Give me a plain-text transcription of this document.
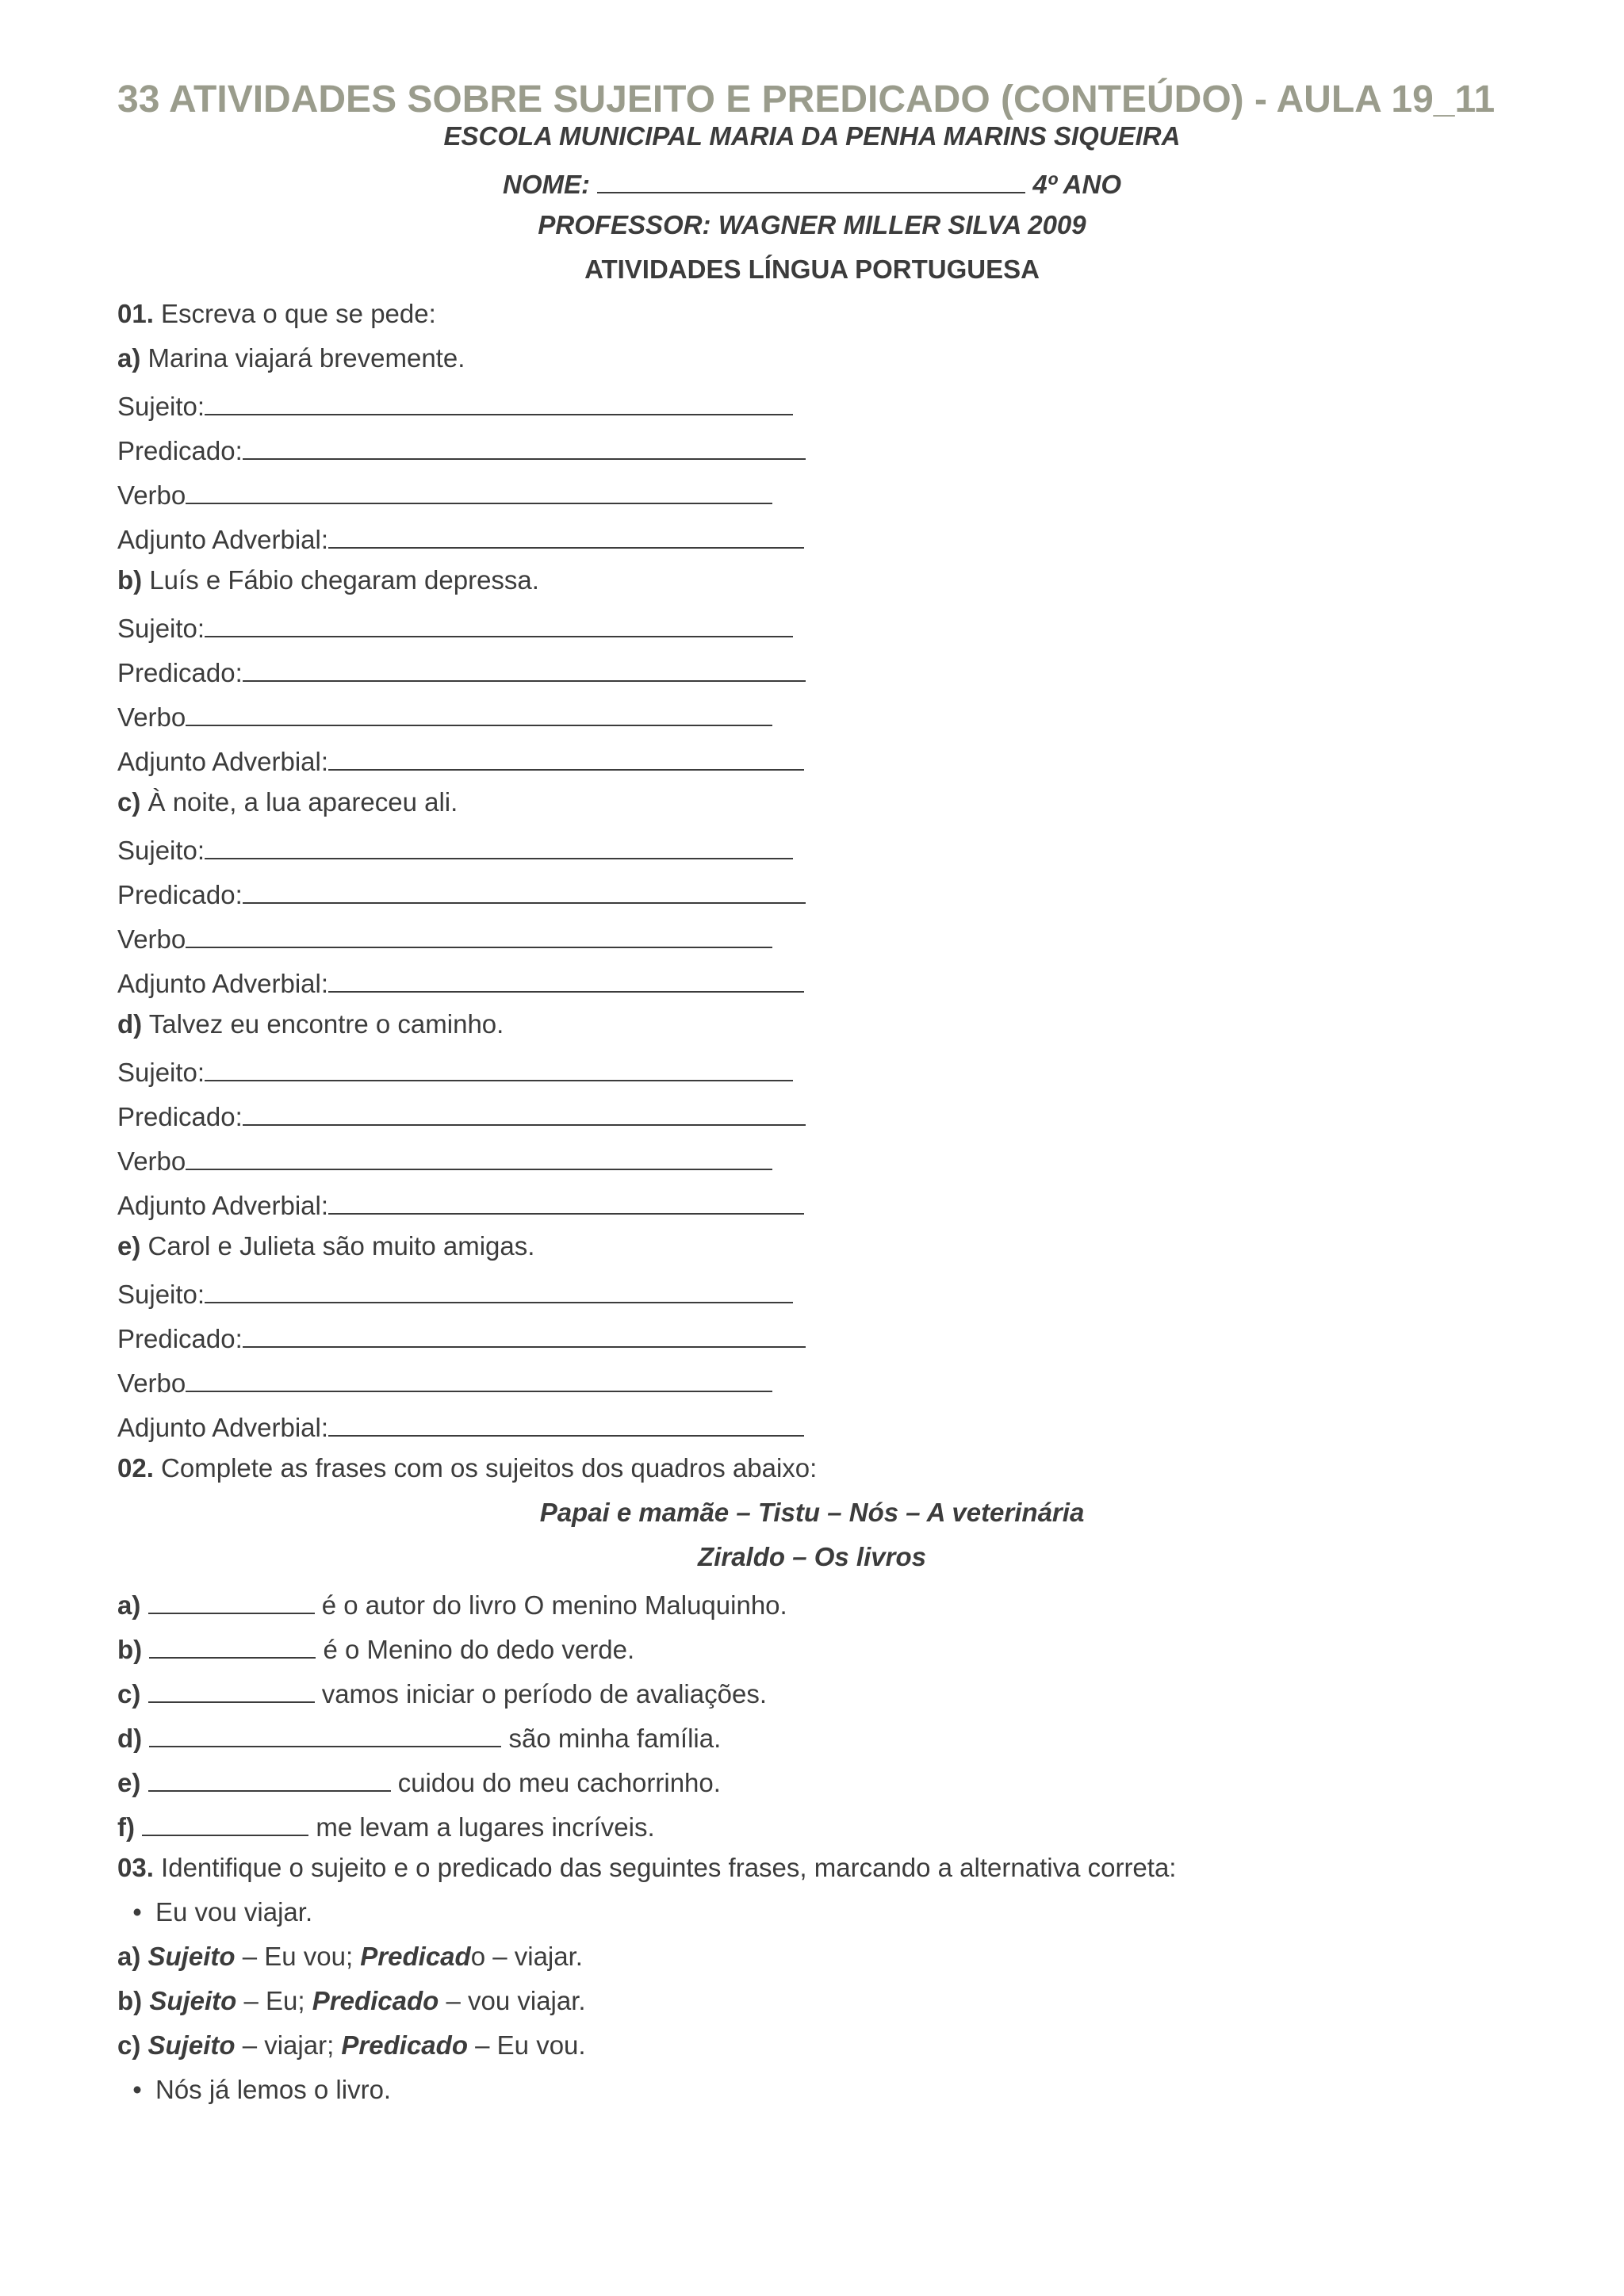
33 ATIVIDADES SOBRE SUJEITO E PREDICADO (CONTEÚDO) - AULA 19_11
ESCOLA MUNICIPAL MARIA DA PENHA MARINS SIQUEIRA
NOME:	4º ANO
PROFESSOR: WAGNER MILLER SILVA 2009
ATIVIDADES LÍNGUA PORTUGUESA
01. Escreva o que se pede:
a) Marina viajará brevemente.
Sujeito:
Predicado:
Verbo
Adjunto Adverbial:
b) Luís e Fábio chegaram depressa.
Sujeito:
Predicado:
Verbo
Adjunto Adverbial:
c) À noite, a lua apareceu ali.
Sujeito:
Predicado:
Verbo
Adjunto Adverbial:
d) Talvez eu encontre o caminho.
Sujeito:
Predicado:
Verbo
Adjunto Adverbial:
e) Carol e Julieta são muito amigas.
Sujeito:
Predicado:
Verbo
Adjunto Adverbial:
02. Complete as frases com os sujeitos dos quadros abaixo:
Papai e mamãe – Tistu – Nós – A veterinária
Ziraldo – Os livros
a)	é o autor do livro O menino Maluquinho.
b)	é o Menino do dedo verde.
c)	vamos iniciar o período de avaliações.
d)	são minha família.
e)	cuidou do meu cachorrinho.
f)	me levam a lugares incríveis.
03. Identifique o sujeito e o predicado das seguintes frases, marcando a alternativa correta:
• Eu vou viajar.
a) Sujeito – Eu vou; Predicado – viajar.
b) Sujeito – Eu; Predicado – vou viajar.
c) Sujeito – viajar; Predicado – Eu vou.
• Nós já lemos o livro.
